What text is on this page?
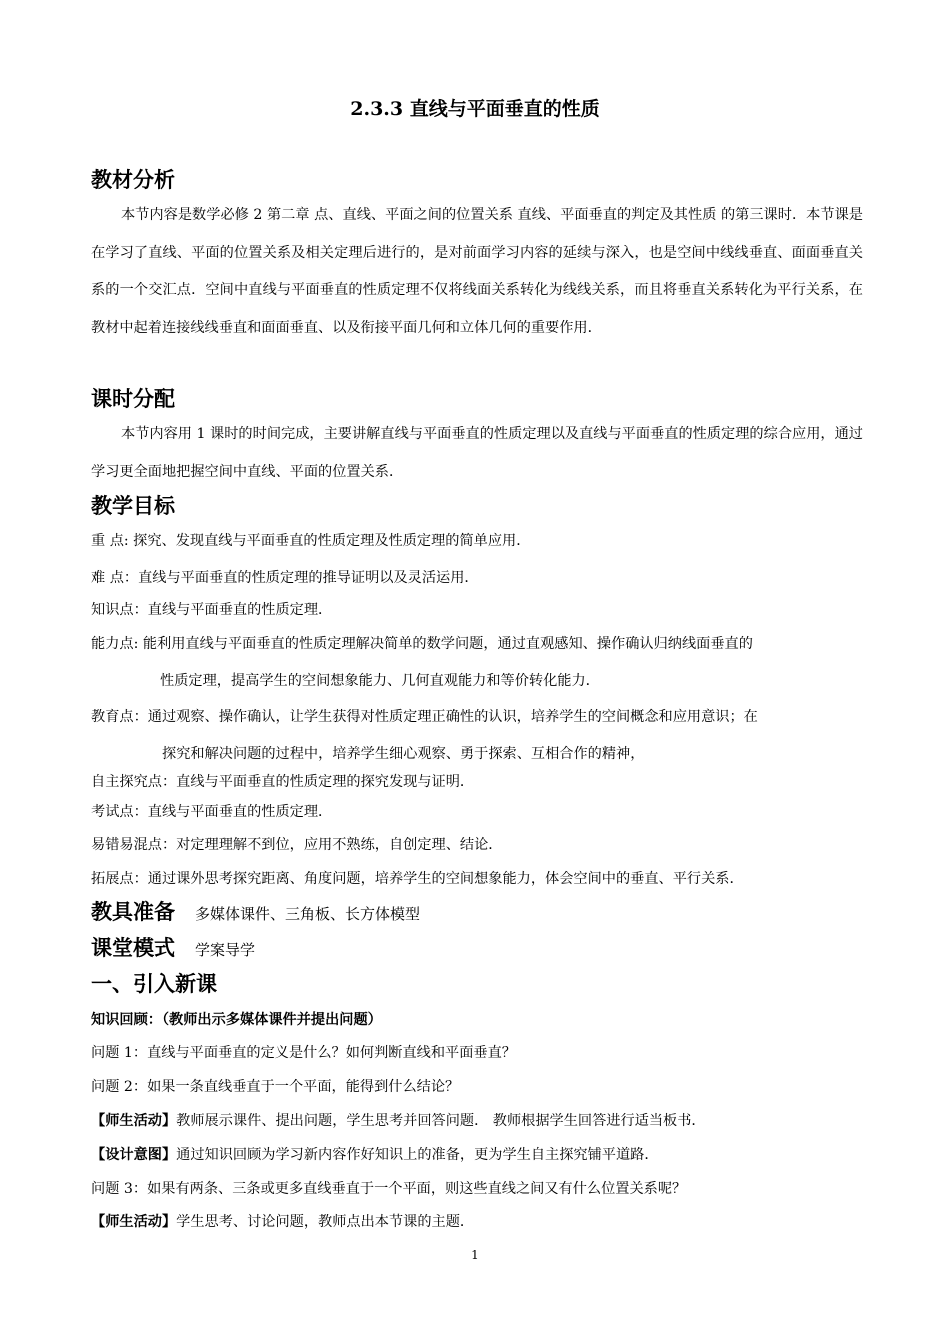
2.3.3 直线与平面垂直的性质
教材分析

本节内容是数学必修 2 第二章 点、直线、平面之间的位置关系 直线、平面垂直的判定及其性质 的第三课时．本节课是在学习了直线、平面的位置关系及相关定理后进行的，是对前面学习内容的延续与深入，也是空间中线线垂直、面面垂直关系的一个交汇点．空间中直线与平面垂直的性质定理不仅将线面关系转化为线线关系，而且将垂直关系转化为平行关系，在教材中起着连接线线垂直和面面垂直、以及衔接平面几何和立体几何的重要作用．

课时分配

本节内容用 1 课时的时间完成，主要讲解直线与平面垂直的性质定理以及直线与平面垂直的性质定理的综合应用，通过学习更全面地把握空间中直线、平面的位置关系．

教学目标
重 点: 探究、发现直线与平面垂直的性质定理及性质定理的简单应用．
难 点：直线与平面垂直的性质定理的推导证明以及灵活运用．
知识点：直线与平面垂直的性质定理．
能力点: 能利用直线与平面垂直的性质定理解决简单的数学问题，通过直观感知、操作确认归纳线面垂直的
性质定理，提高学生的空间想象能力、几何直观能力和等价转化能力．
教育点：通过观察、操作确认，让学生获得对性质定理正确性的认识，培养学生的空间概念和应用意识；在
探究和解决问题的过程中，培养学生细心观察、勇于探索、互相合作的精神，
自主探究点：直线与平面垂直的性质定理的探究发现与证明．
考试点：直线与平面垂直的性质定理．
易错易混点：对定理理解不到位，应用不熟练，自创定理、结论．
拓展点：通过课外思考探究距离、角度问题，培养学生的空间想象能力，体会空间中的垂直、平行关系．
教具准备 多媒体课件、三角板、长方体模型
课堂模式 学案导学
一、引入新课
知识回顾：（教师出示多媒体课件并提出问题）
问题 1：直线与平面垂直的定义是什么？如何判断直线和平面垂直？
问题 2：如果一条直线垂直于一个平面，能得到什么结论？
【师生活动】教师展示课件、提出问题，学生思考并回答问题． 教师根据学生回答进行适当板书．
【设计意图】通过知识回顾为学习新内容作好知识上的准备，更为学生自主探究铺平道路．
问题 3：如果有两条、三条或更多直线垂直于一个平面，则这些直线之间又有什么位置关系呢？
【师生活动】学生思考、讨论问题，教师点出本节课的主题．
1
